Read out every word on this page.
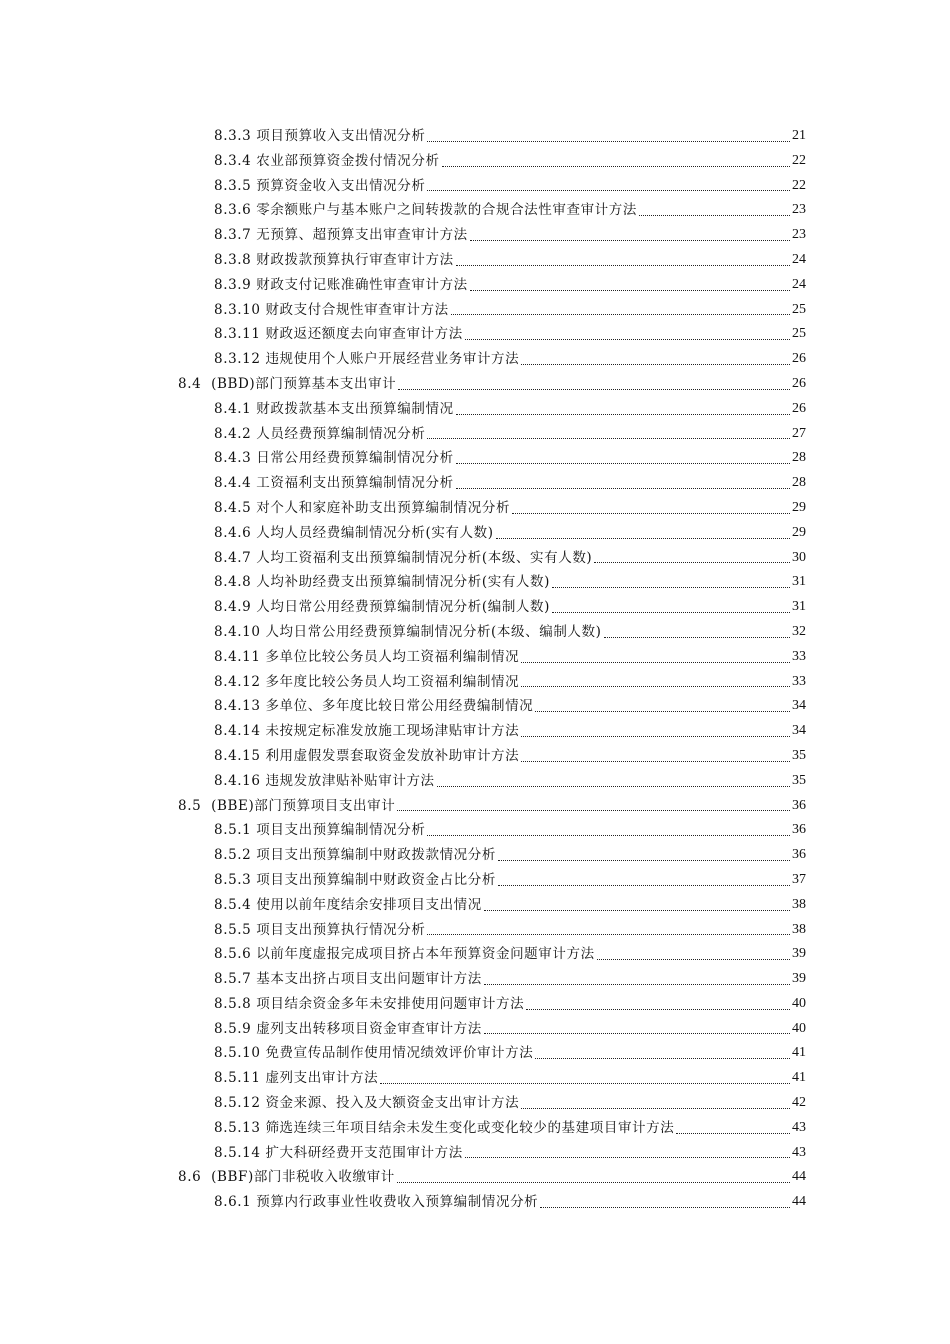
8.3.3 项目预算收入支出情况分析	21
8.3.4 农业部预算资金拨付情况分析	22
8.3.5 预算资金收入支出情况分析	22
8.3.6 零余额账户与基本账户之间转拨款的合规合法性审查审计方法	23
8.3.7 无预算、超预算支出审查审计方法	23
8.3.8 财政拨款预算执行审查审计方法	24
8.3.9 财政支付记账准确性审查审计方法	24
8.3.10 财政支付合规性审查审计方法	25
8.3.11 财政返还额度去向审查审计方法	25
8.3.12 违规使用个人账户开展经营业务审计方法	26
8.4 (BBD)部门预算基本支出审计	26
8.4.1 财政拨款基本支出预算编制情况	26
8.4.2 人员经费预算编制情况分析	27
8.4.3 日常公用经费预算编制情况分析	28
8.4.4 工资福利支出预算编制情况分析	28
8.4.5 对个人和家庭补助支出预算编制情况分析	29
8.4.6 人均人员经费编制情况分析(实有人数)	29
8.4.7 人均工资福利支出预算编制情况分析(本级、实有人数)	30
8.4.8 人均补助经费支出预算编制情况分析(实有人数)	31
8.4.9 人均日常公用经费预算编制情况分析(编制人数)	31
8.4.10 人均日常公用经费预算编制情况分析(本级、编制人数)	32
8.4.11 多单位比较公务员人均工资福利编制情况	33
8.4.12 多年度比较公务员人均工资福利编制情况	33
8.4.13 多单位、多年度比较日常公用经费编制情况	34
8.4.14 未按规定标准发放施工现场津贴审计方法	34
8.4.15 利用虚假发票套取资金发放补助审计方法	35
8.4.16 违规发放津贴补贴审计方法	35
8.5 (BBE)部门预算项目支出审计	36
8.5.1 项目支出预算编制情况分析	36
8.5.2 项目支出预算编制中财政拨款情况分析	36
8.5.3 项目支出预算编制中财政资金占比分析	37
8.5.4 使用以前年度结余安排项目支出情况	38
8.5.5 项目支出预算执行情况分析	38
8.5.6 以前年度虚报完成项目挤占本年预算资金问题审计方法	39
8.5.7 基本支出挤占项目支出问题审计方法	39
8.5.8 项目结余资金多年未安排使用问题审计方法	40
8.5.9 虚列支出转移项目资金审查审计方法	40
8.5.10 免费宣传品制作使用情况绩效评价审计方法	41
8.5.11 虚列支出审计方法	41
8.5.12 资金来源、投入及大额资金支出审计方法	42
8.5.13 筛选连续三年项目结余未发生变化或变化较少的基建项目审计方法	43
8.5.14 扩大科研经费开支范围审计方法	43
8.6 (BBF)部门非税收入收缴审计	44
8.6.1 预算内行政事业性收费收入预算编制情况分析	44
